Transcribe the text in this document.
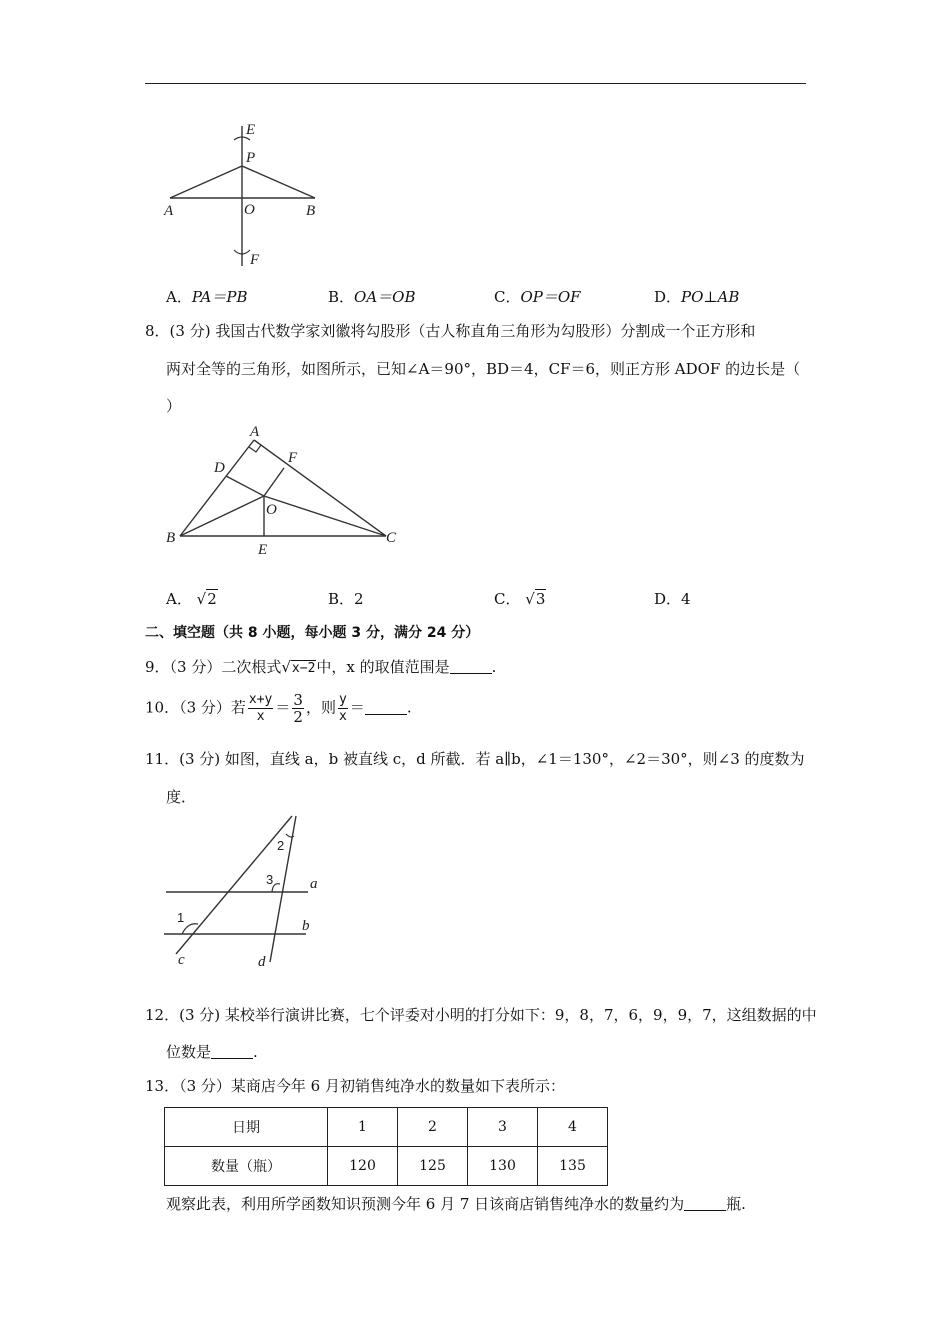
E
P
A	O	B
F
A．PA＝PB	B．OA＝OB	C．OP＝OF	D．PO⊥AB
8．(3 分) 我国古代数学家刘徽将勾股形（古人称直角三角形为勾股形）分割成一个正方形和
两对全等的三角形，如图所示，已知∠A＝90°，BD＝4，CF＝6，则正方形 ADOF 的边长是（
）
A
D
F
O
B
E
C
A． √2	B．2	C． √3	D．4
二、填空题（共 8 小题，每小题 3 分，满分 24 分）
9．（3 分）二次根式√x−2中，x 的取值范围是	.
10．（3 分）若 $\frac{x+y}{x} = \frac{3}{2}$ ，则 $\frac{y}{x}$ ＝	.
11．(3 分) 如图，直线 a，b 被直线 c，d 所截．若 a∥b，∠1＝130°，∠2＝30°，则∠3 的度数为
度．
1
2
3 a
b
c	d
12．(3 分) 某校举行演讲比赛，七个评委对小明的打分如下：9，8，7，6，9，9，7，这组数据的中
位数是	.
13．（3 分）某商店今年 6 月初销售纯净水的数量如下表所示：
日期	1	2	3	4
数量（瓶）	120	125	130	135
观察此表，利用所学函数知识预测今年 6 月 7 日该商店销售纯净水的数量约为	瓶.
